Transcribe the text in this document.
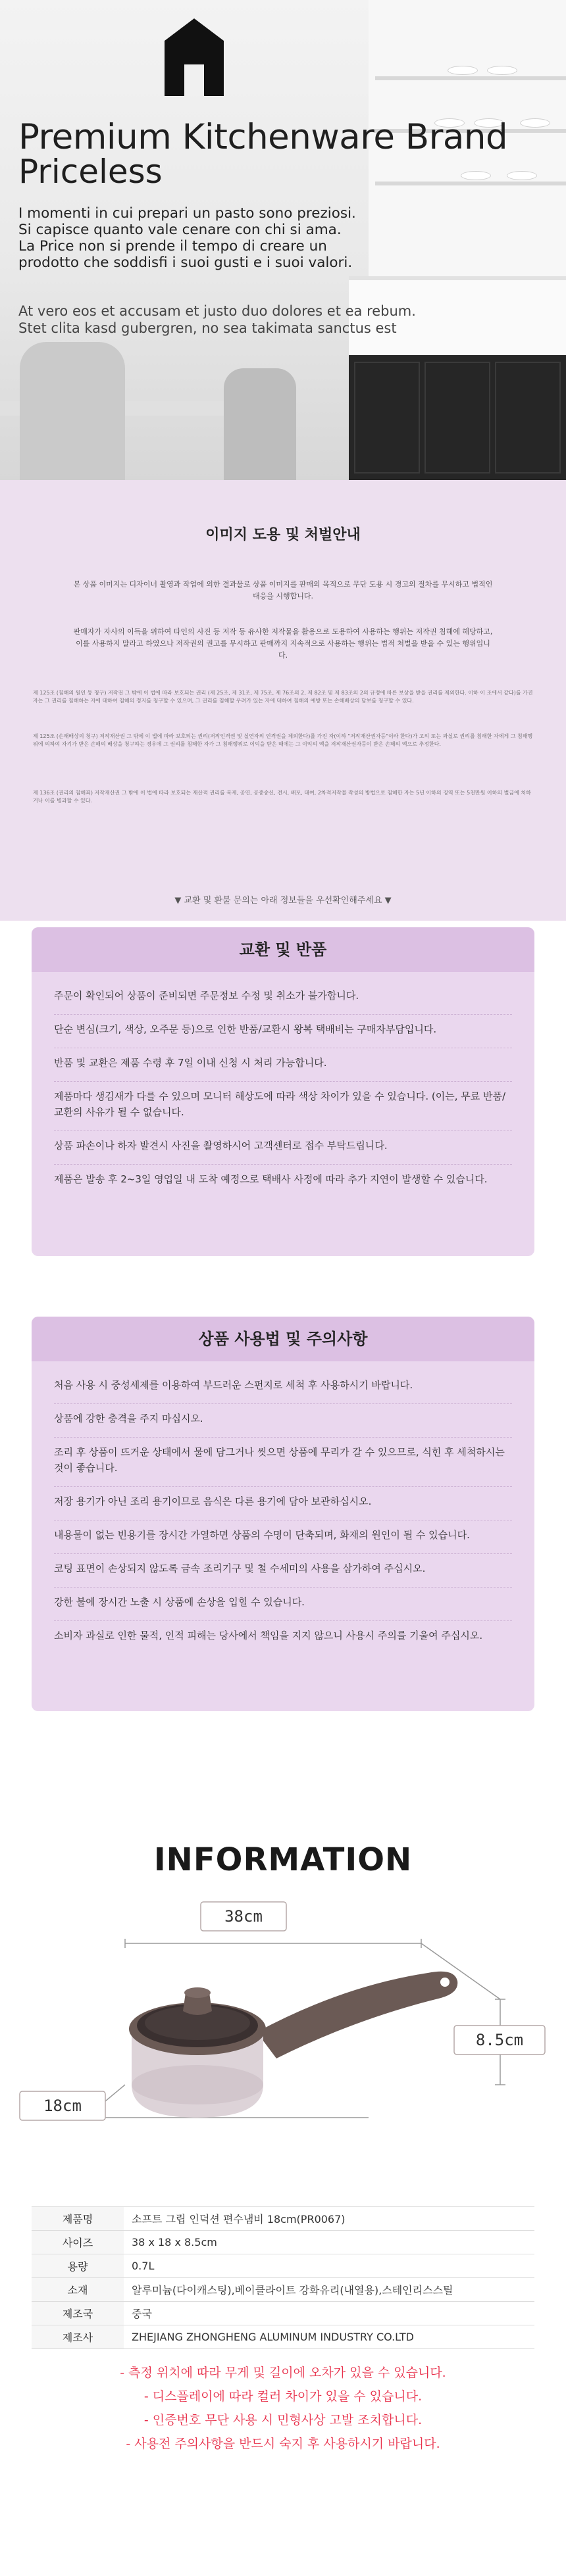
Premium Kitchenware Brand
Priceless
I momenti in cui prepari un pasto sono preziosi.
Si capisce quanto vale cenare con chi si ama.
La Price non si prende il tempo di creare un
prodotto che soddisfi i suoi gusti e i suoi valori.
At vero eos et accusam et justo duo dolores et ea rebum.
Stet clita kasd gubergren, no sea takimata sanctus est
이미지 도용 및 처벌안내
본 상품 이미지는 디자이너 촬영과 작업에 의한 결과물로 상품 이미지를 판매의 목적으로 무단 도용 시 경고의 절차를 무시하고 법적인 대응을 시행합니다.
판매자가 자사의 이득을 위하여 타인의 사진 등 저작 등 유사한 저작물을 활용으로 도용하여 사용하는 행위는 저작권 침해에 해당하고, 이를 사용하지 말라고 하였으나 저작권의 권고를 무시하고 판매까지 지속적으로 사용하는 행위는 법적 처벌을 받을 수 있는 행위입니다.
제 125조 (침해의 원인 등 청구) 저작권 그 밖에 이 법에 따라 보호되는 권리 (제 25조, 제 31조, 제 75조, 제 76조의 2, 제 82조 및 제 83조의 2의 규정에 따른 보상을 받을 권리를 제외한다. 이하 이 조에서 같다)를 가진 자는 그 권리를 침해하는 자에 대하여 침해의 정지를 청구할 수 있으며, 그 권리를 침해할 우려가 있는 자에 대하여 침해의 예방 또는 손해배상의 담보를 청구할 수 있다.
제 125조 (손해배상의 청구) 저작재산권 그 밖에 이 법에 따라 보호되는 권리(저작인격권 및 실연자의 인격권을 제외한다)를 가진 자(이하 "저작재산권자등"이라 한다)가 고의 또는 과실로 권리를 침해한 자에게 그 침해행위에 의하여 자기가 받은 손해의 배상을 청구하는 경우에 그 권리를 침해한 자가 그 침해행위로 이익을 받은 때에는 그 이익의 액을 저작재산권자등이 받은 손해의 액으로 추정한다.
제 136조 (권리의 침해죄) 저작재산권 그 밖에 이 법에 따라 보호되는 재산적 권리를 복제, 공연, 공중송신, 전시, 배포, 대여, 2차적저작물 작성의 방법으로 침해한 자는 5년 이하의 징역 또는 5천만원 이하의 벌금에 처하거나 이를 병과할 수 있다.
▼ 교환 및 환불 문의는 아래 정보들을 우선확인해주세요 ▼
교환 및 반품
주문이 확인되어 상품이 준비되면 주문정보 수정 및 취소가 불가합니다.
단순 변심(크기, 색상, 오주문 등)으로 인한 반품/교환시 왕복 택배비는 구매자부담입니다.
반품 및 교환은 제품 수령 후 7일 이내 신청 시 처리 가능합니다.
제품마다 생김새가 다를 수 있으며 모니터 해상도에 따라 색상 차이가 있을 수 있습니다. (이는, 무료 반품/교환의 사유가 될 수 없습니다.
상품 파손이나 하자 발견시 사진을 촬영하시어 고객센터로 접수 부탁드립니다.
제품은 발송 후 2~3일 영업일 내 도착 예정으로 택배사 사정에 따라 추가 지연이 발생할 수 있습니다.
상품 사용법 및 주의사항
처음 사용 시 중성세제를 이용하여 부드러운 스펀지로 세척 후 사용하시기 바랍니다.
상품에 강한 충격을 주지 마십시오.
조리 후 상품이 뜨거운 상태에서 물에 담그거나 씻으면 상품에 무리가 갈 수 있으므로, 식힌 후 세척하시는 것이 좋습니다.
저장 용기가 아닌 조리 용기이므로 음식은 다른 용기에 담아 보관하십시오.
내용물이 없는 빈용기를 장시간 가열하면 상품의 수명이 단축되며, 화재의 원인이 될 수 있습니다.
코팅 표면이 손상되지 않도록 금속 조리기구 및 철 수세미의 사용을 삼가하여 주십시오.
강한 불에 장시간 노출 시 상품에 손상을 입힐 수 있습니다.
소비자 과실로 인한 물적, 인적 피해는 당사에서 책임을 지지 않으니 사용시 주의를 기울여 주십시오.
INFORMATION
38cm
8.5cm
18cm
제품명	소프트 그립 인덕션 편수냄비 18cm(PR0067)
사이즈	38 x 18 x 8.5cm
용량	0.7L
소재	알루미늄(다이캐스팅),베이클라이트 강화유리(내열용),스테인리스스틸
제조국	중국
제조사	ZHEJIANG ZHONGHENG ALUMINUM INDUSTRY CO.LTD
- 측정 위치에 따라 무게 및 길이에 오차가 있을 수 있습니다.
- 디스플레이에 따라 컬러 차이가 있을 수 있습니다.
- 인증번호 무단 사용 시 민형사상 고발 조치합니다.
- 사용전 주의사항을 반드시 숙지 후 사용하시기 바랍니다.
